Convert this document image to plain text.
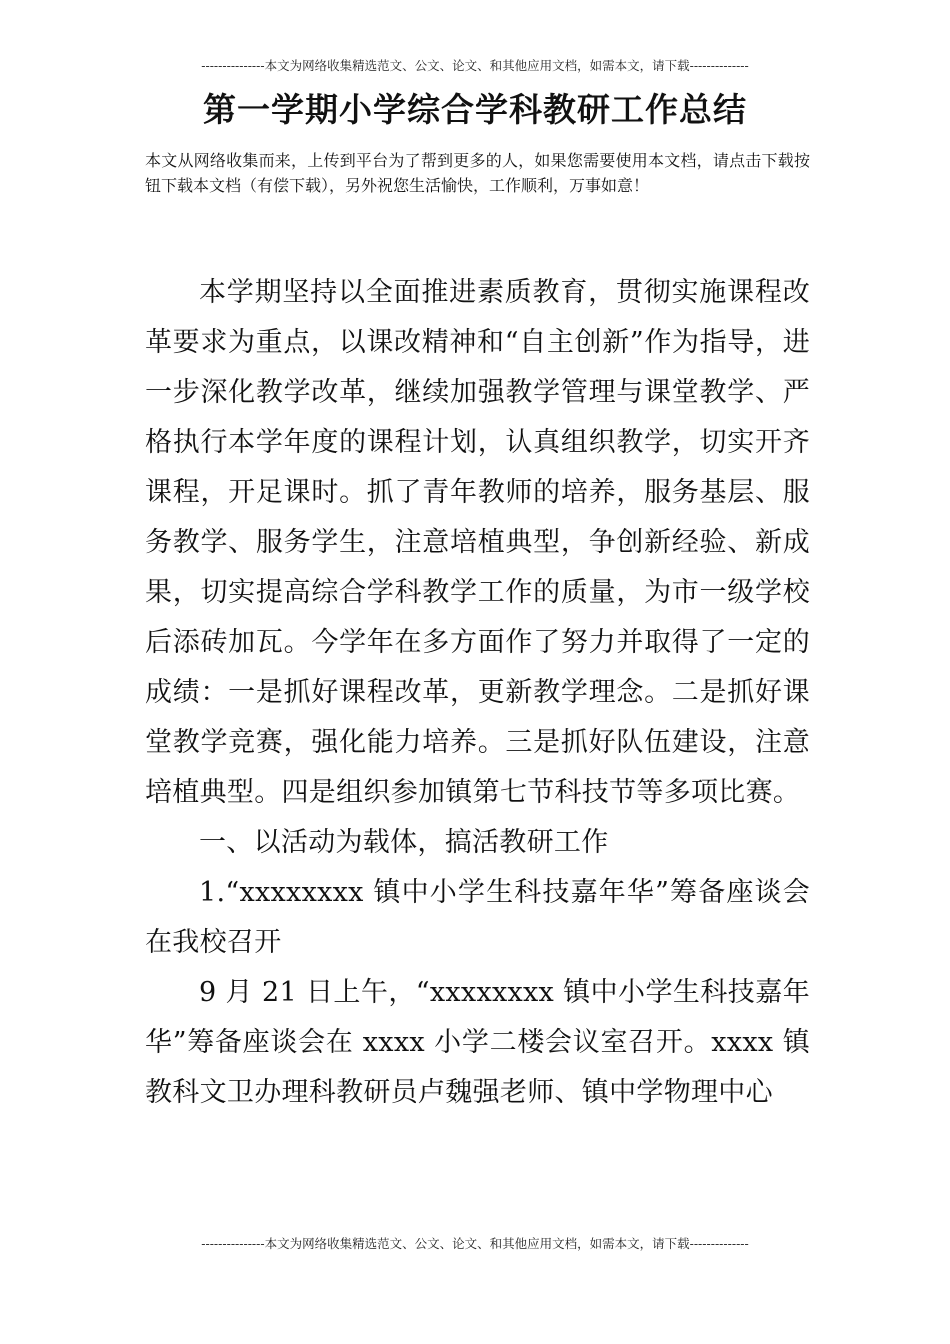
---------------本文为网络收集精选范文、公文、论文、和其他应用文档，如需本文，请下载--------------
第一学期小学综合学科教研工作总结

本文从网络收集而来，上传到平台为了帮到更多的人，如果您需要使用本文档，请点击下载按钮下载本文档（有偿下载），另外祝您生活愉快，工作顺利，万事如意！

本学期坚持以全面推进素质教育，贯彻实施课程改革要求为重点，以课改精神和“自主创新”作为指导，进一步深化教学改革，继续加强教学管理与课堂教学、严格执行本学年度的课程计划，认真组织教学，切实开齐课程，开足课时。抓了青年教师的培养，服务基层、服务教学、服务学生，注意培植典型，争创新经验、新成果，切实提高综合学科教学工作的质量，为市一级学校后添砖加瓦。今学年在多方面作了努力并取得了一定的成绩：一是抓好课程改革，更新教学理念。二是抓好课堂教学竞赛，强化能力培养。三是抓好队伍建设，注意培植典型。四是组织参加镇第七节科技节等多项比赛。

一、以活动为载体，搞活教研工作

1.“xxxxxxxx 镇中小学生科技嘉年华”筹备座谈会在我校召开

9 月 21 日上午，“xxxxxxxx 镇中小学生科技嘉年华”筹备座谈会在 xxxx 小学二楼会议室召开。xxxx 镇教科文卫办理科教研员卢魏强老师、镇中学物理中心

---------------本文为网络收集精选范文、公文、论文、和其他应用文档，如需本文，请下载--------------
